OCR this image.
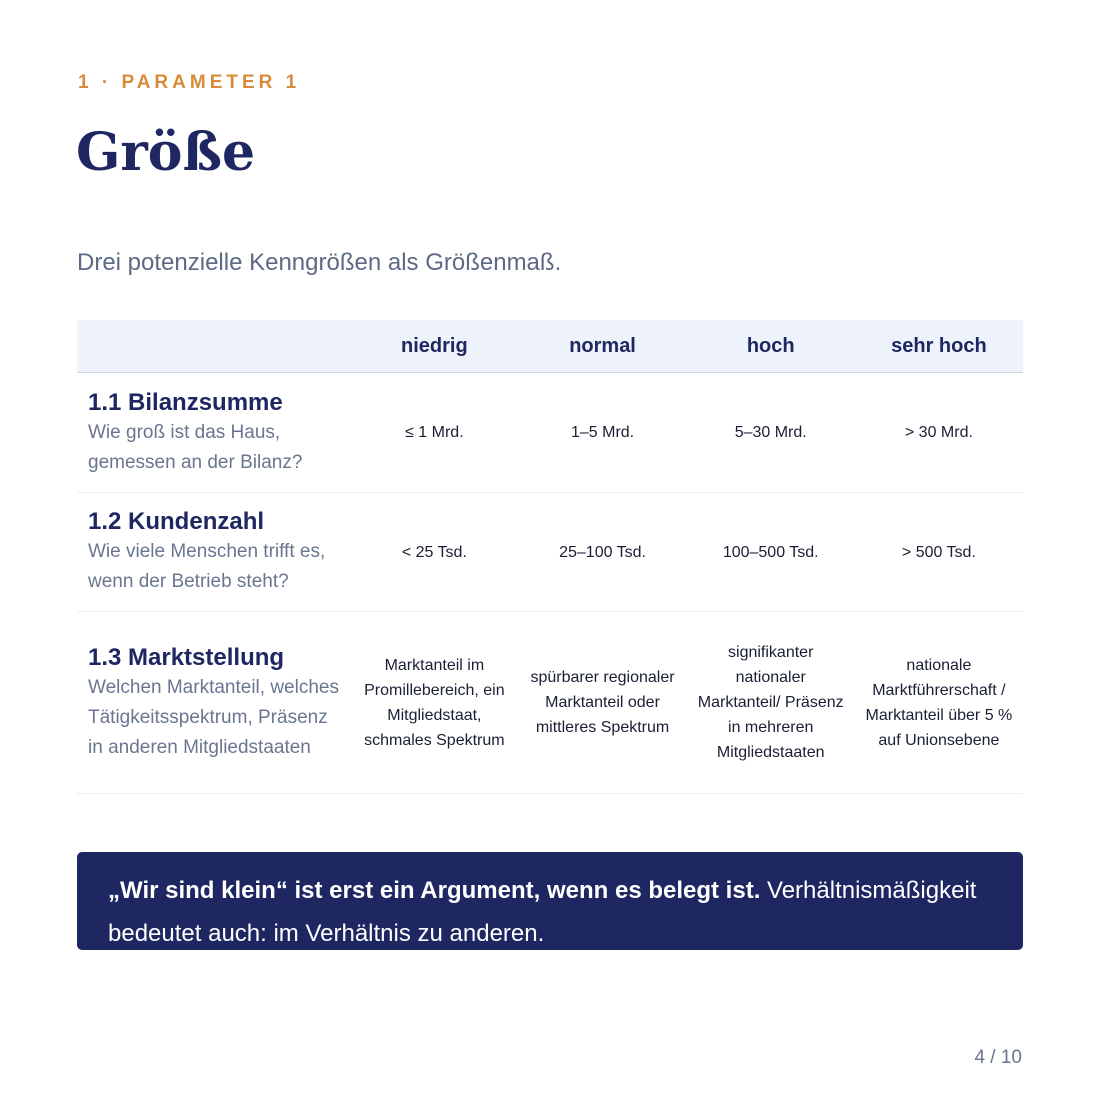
1 · PARAMETER 1
Größe
Drei potenzielle Kenngrößen als Größenmaß.
	niedrig	normal	hoch	sehr hoch

1.1 Bilanzsumme
Wie groß ist das Haus, gemessen an der Bilanz?	≤ 1 Mrd.	1–5 Mrd.	5–30 Mrd.	> 30 Mrd.

1.2 Kundenzahl
Wie viele Menschen trifft es, wenn der Betrieb steht?	< 25 Tsd.	25–100 Tsd.	100–500 Tsd.	> 500 Tsd.

1.3 Marktstellung
Welchen Marktanteil, welches Tätigkeitsspektrum, Präsenz in anderen Mitgliedstaaten	Marktanteil im Promillebereich, ein Mitgliedstaat, schmales Spektrum	spürbarer regionaler Marktanteil oder mittleres Spektrum	signifikanter nationaler Marktanteil/ Präsenz in mehreren Mitgliedstaaten	nationale Marktführerschaft / Marktanteil über 5 % auf Unionsebene
„Wir sind klein“ ist erst ein Argument, wenn es belegt ist. Verhältnismäßigkeit bedeutet auch: im Verhältnis zu anderen.
4 / 10
